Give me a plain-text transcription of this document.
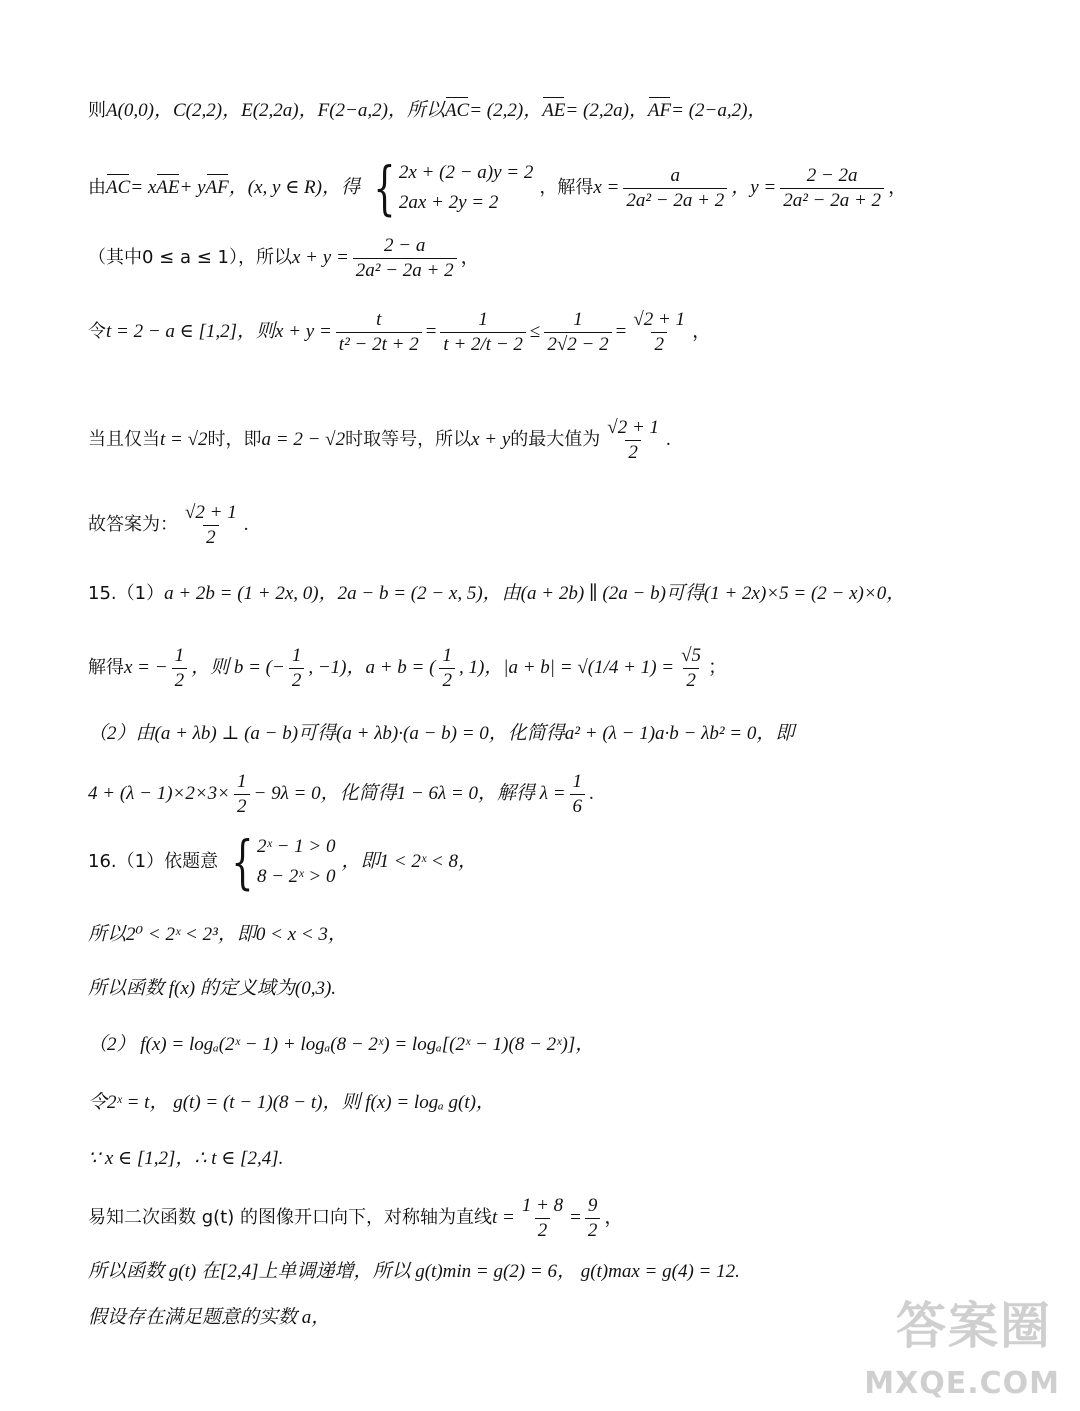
则 A(0,0)，C(2,2)，E(2,2a)，F(2−a,2)，所以 AC = (2,2)， AE = (2,2a)， AF = (2−a,2)，
由 AC = x AE + y AF ，(x, y ∈ R)，得 { 2x + (2 − a)y = 2
2ax + 2y = 2
，解得 $x = \frac{a}{\text{2a² − 2a + 2}}$ ，$y = \frac{2 - 2a}{\text{2a² − 2a + 2}}$ ，
（其中0 ≤ a ≤ 1），所以 $x + y = \frac{2 - a}{\text{2a² − 2a + 2}}$ ，
令 t = 2 − a ∈ [1,2]，则 $x + y = \frac{t}{\text{t² − 2t + 2}} = \frac{1}{t + 2/t - 2} \le \frac{1}{2√2 - 2} = \frac{√2 + 1}{2}$ ，
当且仅当 t = √2 时，即 a = 2 − √2 时取等号，所以 x + y 的最大值为 $\frac{√2 + 1}{2}$ .
故答案为： $\frac{√2 + 1}{2}$ .
15.（1） a + 2b = (1 + 2x, 0)，2a − b = (2 − x, 5)，由(a + 2b) ∥ (2a − b)可得(1 + 2x)×5 = (2 − x)×0，
解得 x = − $\frac{1}{2}$ ，则 b = (− $\frac{1}{2}$ , −1)，a + b = ( $\frac{1}{2}$ , 1)，$|a + b| = √(1/4 + 1) = \frac{√5}{2}$ ；
（2）由(a + λb) ⊥ (a − b)可得(a + λb)·(a − b) = 0，化简得a² + (λ − 1)a·b − λb² = 0，即
$4 + (\lambda - 1)\times 2\times 3\times \frac{1}{2} - 9\lambda = 0$，化简得1 − 6λ = 0，解得 $\lambda = \frac{1}{6}$ .
16.（1）依题意 { 2ˣ − 1 > 0
8 − 2ˣ > 0
，即1 < 2ˣ < 8，
所以2⁰ < 2ˣ < 2³，即0 < x < 3，
所以函数 f(x) 的定义域为(0,3).
（2） f(x) = logₐ(2ˣ − 1) + logₐ(8 − 2ˣ) = logₐ[(2ˣ − 1)(8 − 2ˣ)]，
令2ˣ = t， g(t) = (t − 1)(8 − t)，则 f(x) = logₐ g(t)，
∵ x ∈ [1,2]，∴ t ∈ [2,4].
易知二次函数 g(t) 的图像开口向下，对称轴为直线 $t = \frac{1 + 8}{2} = \frac{9}{2}$ ，
所以函数 g(t) 在[2,4]上单调递增，所以 g(t)min = g(2) = 6， g(t)max = g(4) = 12.
假设存在满足题意的实数 a，	答案圈
MXQE.COM
